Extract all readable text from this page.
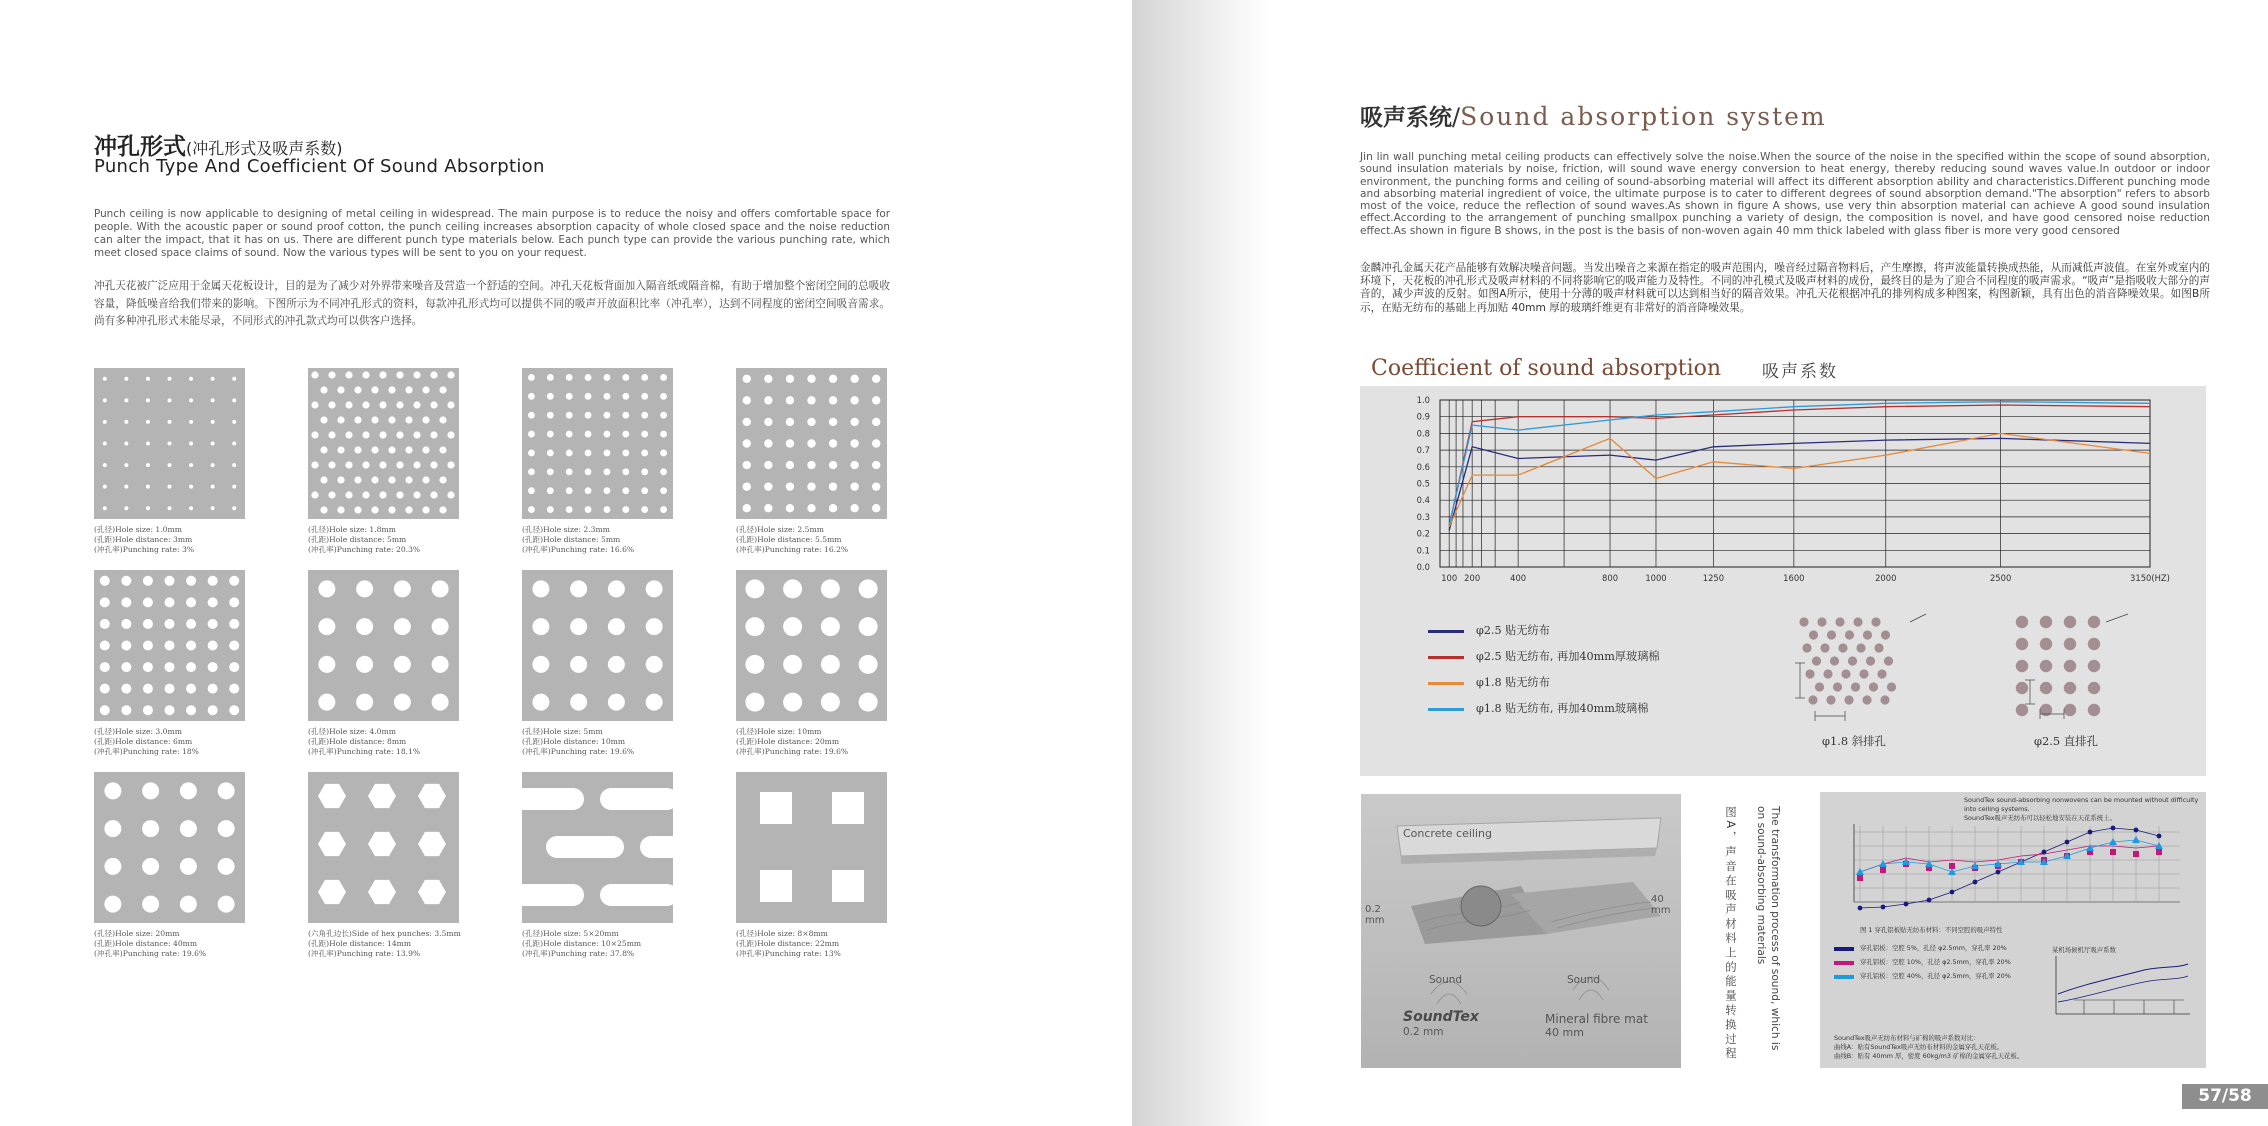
冲孔形式(冲孔形式及吸声系数)
Punch Type And Coefficient Of Sound Absorption
Punch ceiling is now applicable to designing of metal ceiling in widespread. The main purpose is to reduce the noisy and offers comfortable space for people. With the acoustic paper or sound proof cotton, the punch ceiling increases absorption capacity of whole closed space and the noise reduction can alter the impact, that it has on us. There are different punch type materials below. Each punch type can provide the various punching rate, which meet closed space claims of sound. Now the various types will be sent to you on your request.
冲孔天花被广泛应用于金属天花板设计，目的是为了减少对外界带来噪音及营造一个舒适的空间。冲孔天花板背面加入隔音纸或隔音棉，有助于增加整个密闭空间的总吸收容量，降低噪音给我们带来的影响。下图所示为不同冲孔形式的资料，每款冲孔形式均可以提供不同的吸声开放面积比率（冲孔率），达到不同程度的密闭空间吸音需求。尚有多种冲孔形式未能尽录，不同形式的冲孔款式均可以供客户选择。
(孔径)Hole size: 1.0mm
(孔距)Hole distance: 3mm
(冲孔率)Punching rate: 3%
(孔径)Hole size: 1.8mm
(孔距)Hole distance: 5mm
(冲孔率)Punching rate: 20.3%
(孔径)Hole size: 2.3mm
(孔距)Hole distance: 5mm
(冲孔率)Punching rate: 16.6%
(孔径)Hole size: 2.5mm
(孔距)Hole distance: 5.5mm
(冲孔率)Punching rate: 16.2%
(孔径)Hole size: 3.0mm
(孔距)Hole distance: 6mm
(冲孔率)Punching rate: 18%
(孔径)Hole size: 4.0mm
(孔距)Hole distance: 8mm
(冲孔率)Punching rate: 18.1%
(孔径)Hole size: 5mm
(孔距)Hole distance: 10mm
(冲孔率)Punching rate: 19.6%
(孔径)Hole size: 10mm
(孔距)Hole distance: 20mm
(冲孔率)Punching rate: 19.6%
(孔径)Hole size: 20mm
(孔距)Hole distance: 40mm
(冲孔率)Punching rate: 19.6%
(六角孔边长)Side of hex punches: 3.5mm
(孔距)Hole distance: 14mm
(冲孔率)Punching rate: 13.9%
(孔径)Hole size: 5×20mm
(孔距)Hole distance: 10×25mm
(冲孔率)Punching rate: 37.8%
(孔径)Hole size: 8×8mm
(孔距)Hole distance: 22mm
(冲孔率)Punching rate: 13%
吸声系统/Sound absorption system
Jin lin wall punching metal ceiling products can effectively solve the noise.When the source of the noise in the specified within the scope of sound absorption, sound insulation materials by noise, friction, will sound wave energy conversion to heat energy, thereby reducing sound waves value.In outdoor or indoor environment, the punching forms and ceiling of sound-absorbing material will affect its different absorption ability and characteristics.Different punching mode and absorbing material ingredient of voice, the ultimate purpose is to cater to different degrees of sound absorption demand."The absorption" refers to absorb most of the voice, reduce the reflection of sound waves.As shown in figure A shows, use very thin absorption material can achieve A good sound insulation effect.According to the arrangement of punching smallpox punching a variety of design, the composition is novel, and have good censored noise reduction effect.As shown in figure B shows, in the post is the basis of non-woven again 40 mm thick labeled with glass fiber is more very good censored
金麟冲孔金属天花产品能够有效解决噪音问题。当发出噪音之来源在指定的吸声范围内，噪音经过隔音物料后，产生摩擦，将声波能量转换成热能，从而减低声波值。在室外或室内的环境下，天花板的冲孔形式及吸声材料的不同将影响它的吸声能力及特性。不同的冲孔模式及吸声材料的成份，最终目的是为了迎合不同程度的吸声需求。“吸声”是指吸收大部分的声音的，减少声波的反射。如图A所示，使用十分薄的吸声材料就可以达到相当好的隔音效果。冲孔天花根据冲孔的排列构成多种图案，构图新颖，具有出色的消音降噪效果。如图B所示，在贴无纺布的基础上再加贴 40mm 厚的玻璃纤维更有非常好的消音降噪效果。
Coefficient of sound absorption 吸声系数
0.0
0.1
0.2
0.3
0.4
0.5
0.6
0.7
0.8
0.9
1.0
100 200	400	800	1000	1250	1600	2000	2500	3150(HZ)
φ2.5 贴无纺布
φ2.5 贴无纺布, 再加40mm厚玻璃棉
φ1.8 贴无纺布
φ1.8 贴无纺布, 再加40mm玻璃棉
φ1.8 斜排孔	φ2.5 直排孔
Concrete ceiling
0.2
mm
40
mm
Sound	Sound
SoundTex
0.2 mm
Mineral fibre mat
40 mm	The transformation process of sound, which is on sound-absorbing materials
图A，声音在吸声材料上的能量转换过程
SoundTex sound-absorbing nonwovens can be mounted without difficulty into ceiling systems.
SoundTex吸声无纺布可以轻松地安装在天花系统上。
图 1 穿孔铝板贴无纺布材料：不同空腔的吸声特性
穿孔铝板：空腔 5%，孔径 φ2.5mm，穿孔率 20%
穿孔铝板：空腔 10%，孔径 φ2.5mm，穿孔率 20%
穿孔铝板：空腔 40%，孔径 φ2.5mm，穿孔率 20%
某机场候机厅吸声系数
SoundTex吸声无纺布材料与矿棉的吸声系数对比：
曲线A：贴有SoundTex吸声无纺布材料的金属穿孔天花板。
曲线B：贴有 40mm 厚，密度 60kg/m3 矿棉的金属穿孔天花板。
57/58
